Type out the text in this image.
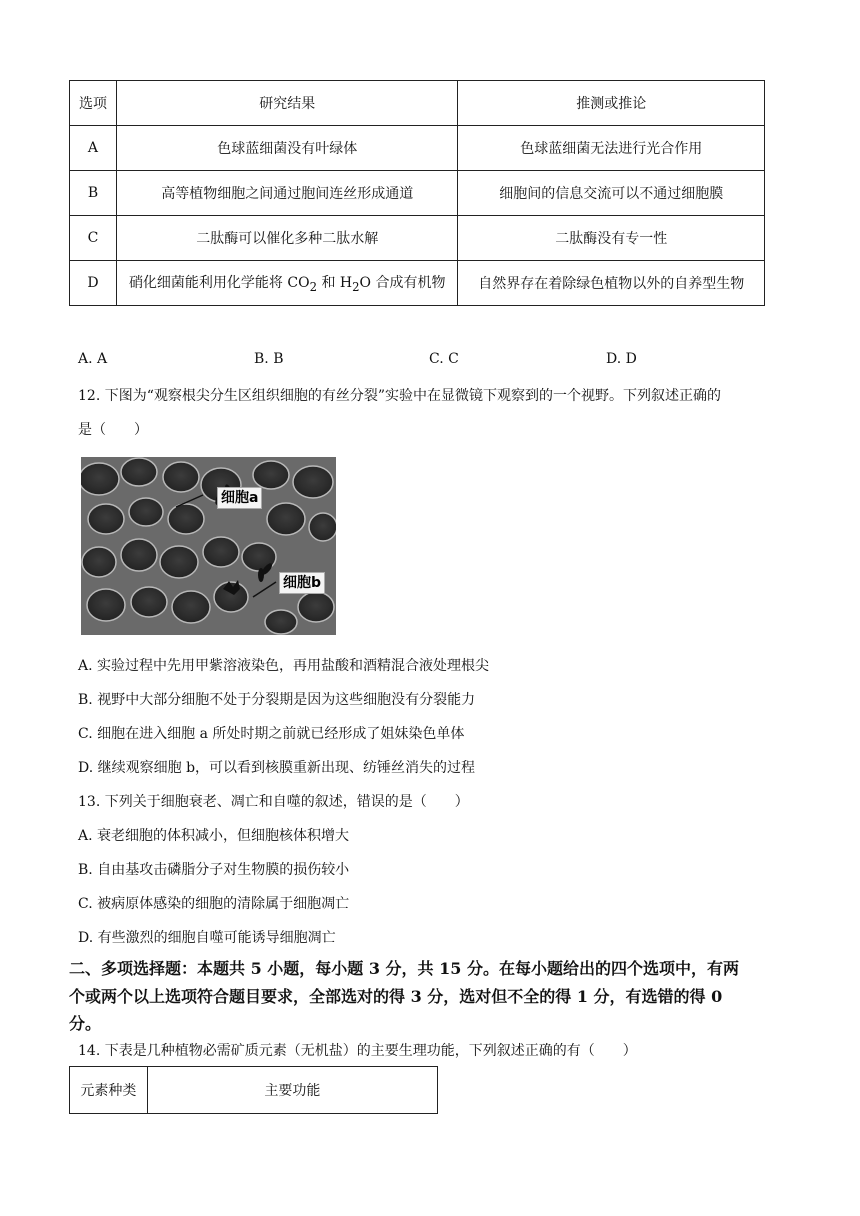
选项	研究结果	推测或推论
A	色球蓝细菌没有叶绿体	色球蓝细菌无法进行光合作用
B	高等植物细胞之间通过胞间连丝形成通道	细胞间的信息交流可以不通过细胞膜
C	二肽酶可以催化多种二肽水解	二肽酶没有专一性
D	硝化细菌能利用化学能将 $CO_2$ 和 $H_2O$ 合成有机物	自然界存在着除绿色植物以外的自养型生物
A. A	B. B	C. C	D. D
12. 下图为“观察根尖分生区组织细胞的有丝分裂”实验中在显微镜下观察到的一个视野。下列叙述正确的
是（　　）
细胞a
细胞b
A. 实验过程中先用甲紫溶液染色，再用盐酸和酒精混合液处理根尖
B. 视野中大部分细胞不处于分裂期是因为这些细胞没有分裂能力
C. 细胞在进入细胞 a 所处时期之前就已经形成了姐妹染色单体
D. 继续观察细胞 b，可以看到核膜重新出现、纺锤丝消失的过程
13. 下列关于细胞衰老、凋亡和自噬的叙述，错误的是（　　）
A. 衰老细胞的体积减小，但细胞核体积增大
B. 自由基攻击磷脂分子对生物膜的损伤较小
C. 被病原体感染的细胞的清除属于细胞凋亡
D. 有些激烈的细胞自噬可能诱导细胞凋亡
二、多项选择题：本题共 5 小题，每小题 3 分，共 15 分。在每小题给出的四个选项中，有两
个或两个以上选项符合题目要求，全部选对的得 3 分，选对但不全的得 1 分，有选错的得 0
分。
14. 下表是几种植物必需矿质元素（无机盐）的主要生理功能，下列叙述正确的有（　　）
元素种类	主要功能
